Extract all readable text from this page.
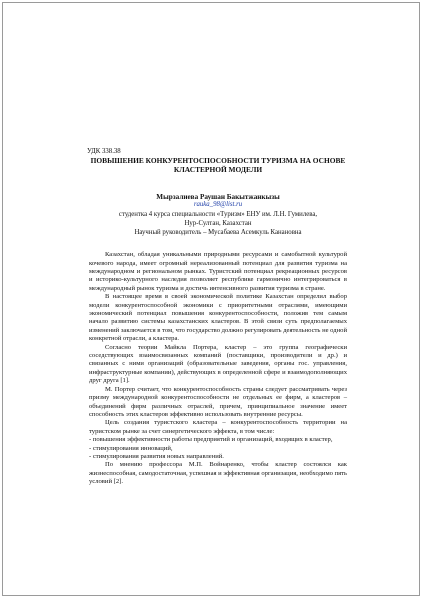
УДК 338.38
ПОВЫШЕНИЕ КОНКУРЕНТОСПОСОБНОСТИ ТУРИЗМА НА ОСНОВЕ
КЛАСТЕРНОЙ МОДЕЛИ
Мырзалиева Раушан Бакытжанкызы
rauka_98@list.ru
студентка 4 курса специальности «Туризм» ЕНУ им. Л.Н. Гумилева,
Нур-Султан, Казахстан
Научный руководитель – Мусабаева Асемкуль Канановна

Казахстан, обладая уникальными природными ресурсами и самобытной культурой кочевого народа, имеет огромный нереализованный потенциал для развития туризма на международном и региональном рынках. Туристский потенциал рекреационных ресурсов и историко-культурного наследия позволяет республике гармонично интегрироваться в международный рынок туризма и достичь интенсивного развития туризма в стране.

В настоящее время в своей экономической политике Казахстан определил выбор модели конкурентоспособной экономики с приоритетными отраслями, имеющими экономический потенциал повышения конкурентоспособности, положив тем самым начало развитию системы казахстанских кластеров. В этой связи суть предполагаемых изменений заключается в том, что государство должно регулировать деятельность не одной конкретной отрасли, а кластера.

Согласно теории Майкла Портера, кластер – это группа географически соседствующих взаимосвязанных компаний (поставщики, производители и др.) и связанных с ними организаций (образовательные заведения, органы гос. управления, инфраструктурные компании), действующих в определенной сфере и взаимодополняющих друг друга [1].

М. Портер считает, что конкурентоспособность страны следует рассматривать через призму международной конкурентоспособности не отдельных ее фирм, а кластеров – объединений фирм различных отраслей, причем, принципиальное значение имеет способность этих кластеров эффективно использовать внутренние ресурсы.

Цель создания туристского кластера – конкурентоспособность территории на туристском рынке за счет синергетического эффекта, в том числе:

- повышения эффективности работы предприятий и организаций, входящих в кластер,

- стимулирования инноваций,

- стимулирования развития новых направлений.

По мнению профессора М.П. Войнаренко, чтобы кластер состоялся как жизнеспособная, самодостаточная, успешная и эффективная организация, необходимо пять условий [2].
